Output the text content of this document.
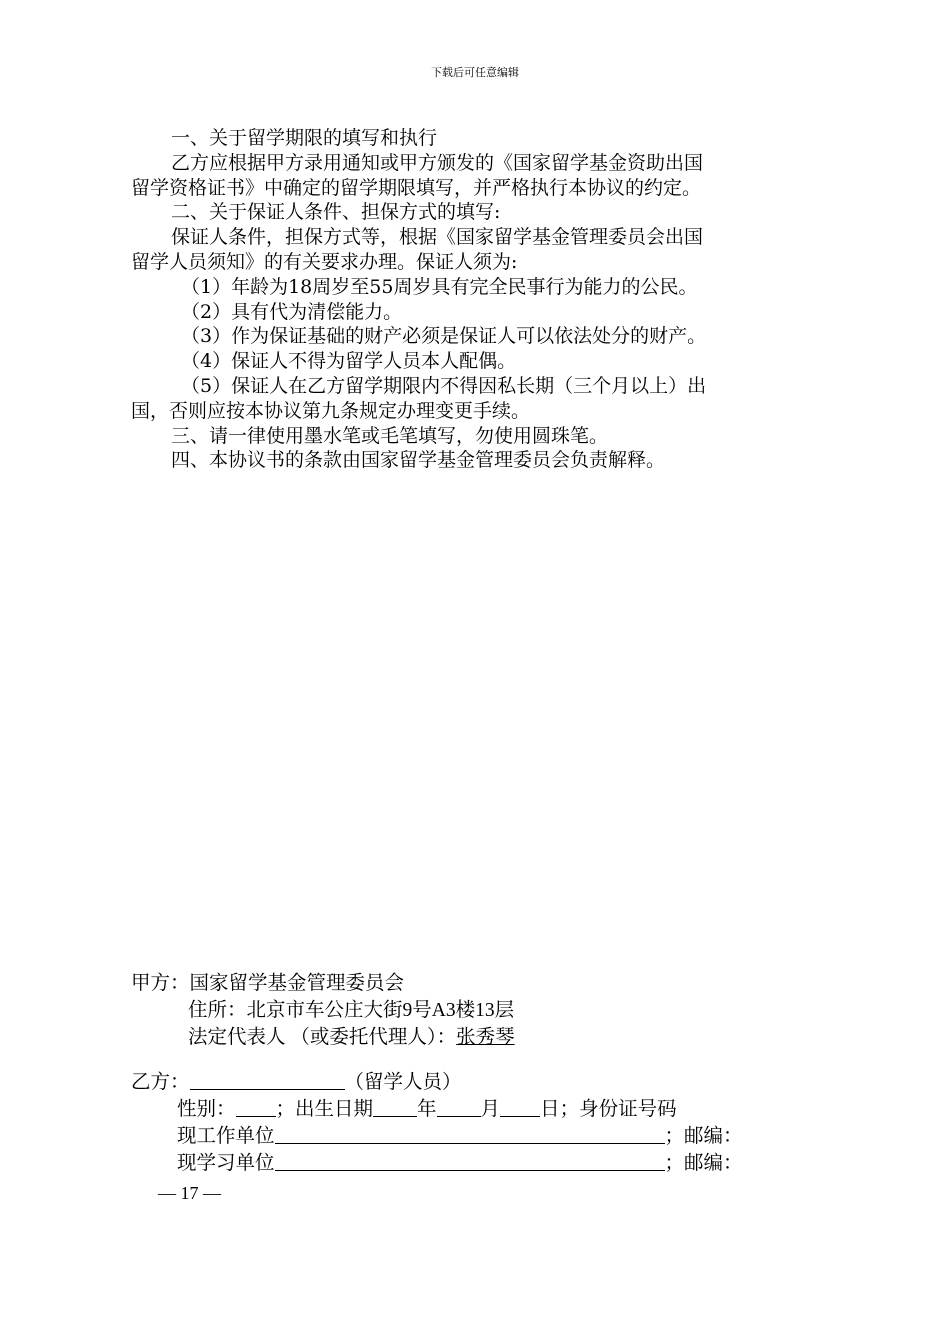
下载后可任意编辑

一、关于留学期限的填写和执行

乙方应根据甲方录用通知或甲方颁发的《国家留学基金资助出国

留学资格证书》中确定的留学期限填写，并严格执行本协议的约定。

二、关于保证人条件、担保方式的填写:

保证人条件，担保方式等，根据《国家留学基金管理委员会出国

留学人员须知》的有关要求办理。保证人须为:

（1）年龄为18周岁至55周岁具有完全民事行为能力的公民。

（2）具有代为清偿能力。

（3）作为保证基础的财产必须是保证人可以依法处分的财产。

（4）保证人不得为留学人员本人配偶。

（5）保证人在乙方留学期限内不得因私长期（三个月以上）出

国，否则应按本协议第九条规定办理变更手续。

三、请一律使用墨水笔或毛笔填写，勿使用圆珠笔。

四、本协议书的条款由国家留学基金管理委员会负责解释。

甲方：国家留学基金管理委员会

住所：北京市车公庄大街9号A3楼13层

法定代表人 （或委托代理人）：张秀琴

乙方：	（留学人员）

性别： ；出生日期 年 月 日；身份证号码

现工作单位	；邮编：

现学习单位	；邮编：

— 17 —
